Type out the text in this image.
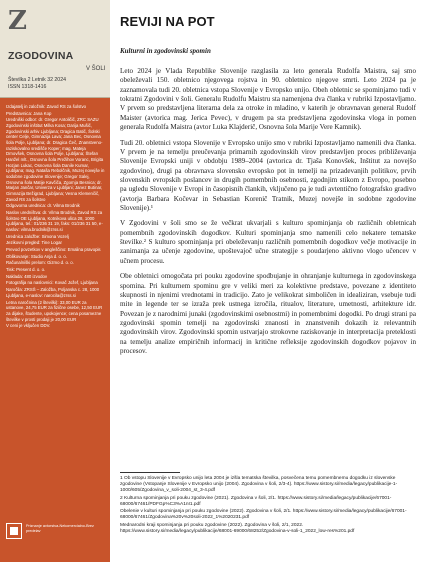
Z
ZGODOVINA
V ŠOLI
Številka 2 Letnik 32 2024
ISSN 1318-1416

Izdajatelj in založnik: Zavod RS za šolstvo

Predstavnica: Jana Kop

Uredniški odbor: dr. Gregor Antoličič, ZRC SAZU Zgodovinski inštitut Milka Kosa; Darija Mušič, Zgodovinski arhiv Ljubljana; Dragica Batič, Šolski center Celje, Gimnazija Lava; Jana Bec, Osnovna šola Polje, Ljubljana; dr. Dragica Čeč, Znanstveno-raziskovalno središče Koper; mag. Mateja Drnovšek, Osnovna šola Polje, Ljubljana; Štefan Hanžel mlt., Osnovna šola Prežihov Voranc, Brigita Hozjan Lukac, Osnovna šola Danile Kumar, Ljubljana; mag. Nataša Rebolčnik, Muzej novejše in sodobne zgodovine Slovenije; Gregor Salej, Osnovna šola Matije Kavčiča, Zgornja Besnica; dr. Marjan Jančar, Univerza v Ljubljani; Janez Butinar, Gimnazija Bežigrad, Ljubljana; Vesna Klemenčič, Zavod RS za šolstvo

Odgovorna urednica: dr. Vilma Brodnik

Naslov uredništva: dr. Vilma Brodnik, Zavod RS za šolstvo OE Ljubljana, Kotnikova ulica 28, 1000 Ljubljana, tel.: 01/236 31 19, faks: 01/236 31 50, e-naslov: vilma.brodnik@zrss.si

Urednica založbe: Simona Vozelj

Jezikovni pregled: Tine Logar

Prevod povzetkov v angleščino: Emalina pravopis

Oblikovanje: Studio Anja d. o. o.

Računalniški prelom: Gizmo d. o. o.

Tisk: Present d. o. o.

Naklada: 480 izvodov

Fotografija na naslovnici: Kovač Jožef, Ljubljana

Naročila: ZRSŠ – Založba, Poljanska c. 28, 1000 Ljubljana, e-naslov: narocila@zrss.si

Letna naročnina (2 številki): 33,00 EUR za ustanove, 24,75 EUR za fizične osebe, 12,50 EUR za dijake, študente, upokojence; cena posamezne številke v prosti prodaji je 20,00 EUR

V ceni je vključen DDV.

Priznanje avtorstva-Nekomercialno-Brez predelav
REVIJI NA POT
Kulturni in zgodovinski spomin

Leto 2024 je Vlada Republike Slovenije razglasila za leto generala Rudolfa Maistra, saj smo obeleževali 150. obletnico njegovega rojstva in 90. obletnico njegove smrti. Leto 2024 pa je zaznamovala tudi 20. obletnica vstopa Slovenije v Evropsko unijo. Obeh obletnic se spominjamo tudi v tokratni Zgodovini v šoli. Generalu Rudolfu Maistru sta namenjena dva članka v rubriki Izpostavljamo. V prvem so predstavljena literarna dela za otroke in mladino, v katerih je obravnavan general Rudolf Maister (avtorica mag. Jerica Pevec), v drugem pa sta predstavljena zgodovinska vloga in pomen generala Rudolfa Maistra (avtor Luka Klajderič, Osnovna šola Marije Vere Kamnik).

Tudi 20. obletnici vstopa Slovenije v Evropsko unijo smo v rubriki Izpostavljamo namenili dva članka. V prvem je na temelju preučevanja primarnih zgodovinskih virov predstavljen proces približevanja Slovenije Evropski uniji v obdobju 1989–2004 (avtorica dr. Tjaša Konovšek, Inštitut za novejšo zgodovino), drugi pa obravnava slovensko evropsko pot in temelji na prizadevanjih politikov, prvih slovenskih evropskih poslancev in drugih pomembnih osebnosti, zgodnjim stikom z Evropo, posebno pa ugledu Slovenije v Evropi in časopisnih člankih, vključeno pa je tudi avtentično fotografsko gradivo (avtorja Barbara Kočevar in Sebastian Korenič Tratnik, Muzej novejše in sodobne zgodovine Slovenije).¹

V Zgodovini v šoli smo se že večkrat ukvarjali s kulturo spominjanja ob različnih obletnicah pomembnih zgodovinskih dogodkov. Kulturi spominjanja smo namenili celo nekatere tematske številke.² S kulturo spominjanja pri obeleževanju različnih pomembnih dogodkov večje motivacije in zanimanja za učenje zgodovine, upoštevajoč učne strategije s poudarjeno aktivno vlogo učencev v učnem procesu.

Obe obletnici omogočata pri pouku zgodovine spodbujanje in ohranjanje kulturnega in zgodovinskega spomina. Pri kulturnem spominu gre v veliki meri za kolektivne predstave, povezane z identiteto skupnosti in njenimi vrednotami in tradicijo. Zato je velikokrat simboličen in idealiziran, vsebuje tudi mite in legende ter se izraža prek ustnega izročila, ritualov, literature, umetnosti, arhitekture idr. Povezan je z narodnimi junaki (zgodovinskimi osebnostmi) in pomembnimi dogodki. Po drugi strani pa zgodovinski spomin temelji na zgodovinski znanosti in znanstvenih dokazih iz relevantnih zgodovinskih virov. Zgodovinski spomin ustvarjajo strokovne raziskovanje in interpretacija preteklosti na temelju analize empiričnih informacij in kritične refleksije zgodovinskih dogodkov pojavov in procesov.

1 Ob vstopu Slovenije v Evropsko unijo leta 2004 je izšla tematska številka, posvečena temu pomembnemu dogodku iz slovenske zgodovine (Vstopanje Slovenije v Evropsko unijo (2004). Zgodovina v šoli, 2/3-4). https://www.sistory.si/media/legacy/publikacije-1-1000/605/Zgodovina_v_soli-2004_st_3-4.pdf

2 Kulturna spominjanja pri pouku zgodovine (2021). Zgodovina v šoli, 2/1. https://www.sistory.si/media/legacy/publikacije/67001-68000/67461/PDFGp%C3%A1nI1.pdf

Obelenie v kulturi spominjanja pri pouku zgodovine (2022). Zgodovina v šoli, 2/1. https://www.sistory.si/media/legacy/publikacije/67001-68000/67461/Zgodovina%20v%20soli-2022_1%2020231.pdf

Mednarodni kraji spominjanja pri pouku zgodovine (2022). Zgodovina v šoli, 2/1, 2022. https://www.sistory.si/media/legacy/publikacije/68001-69000/68252/Zgodovina-v-soli-1_2022_low-res%201.pdf
